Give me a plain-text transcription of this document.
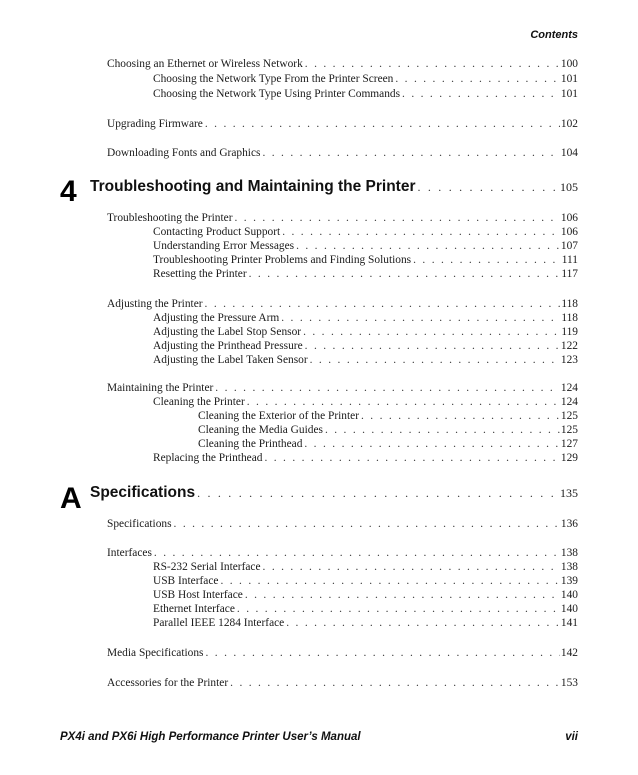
Contents
Choosing an Ethernet or Wireless Network . . .	100
Choosing the Network Type From the Printer Screen . . .	101
Choosing the Network Type Using Printer Commands . . .	101
Upgrading Firmware . . .	102
Downloading Fonts and Graphics . . .	104
4 Troubleshooting and Maintaining the Printer . . .	105
Troubleshooting the Printer . . .	106
Contacting Product Support . . .	106
Understanding Error Messages . . .	107
Troubleshooting Printer Problems and Finding Solutions . . .	111
Resetting the Printer . . .	117
Adjusting the Printer . . .	118
Adjusting the Pressure Arm . . .	118
Adjusting the Label Stop Sensor . . .	119
Adjusting the Printhead Pressure . . .	122
Adjusting the Label Taken Sensor . . .	123
Maintaining the Printer . . .	124
Cleaning the Printer . . .	124
Cleaning the Exterior of the Printer . . .	125
Cleaning the Media Guides . . .	125
Cleaning the Printhead . . .	127
Replacing the Printhead . . .	129
A Specifications . . .	135
Specifications . . .	136
Interfaces . . .	138
RS-232 Serial Interface . . .	138
USB Interface . . .	139
USB Host Interface . . .	140
Ethernet Interface . . .	140
Parallel IEEE 1284 Interface . . .	141
Media Specifications . . .	142
Accessories for the Printer . . .	153
PX4i and PX6i High Performance Printer User’s Manual	vii
